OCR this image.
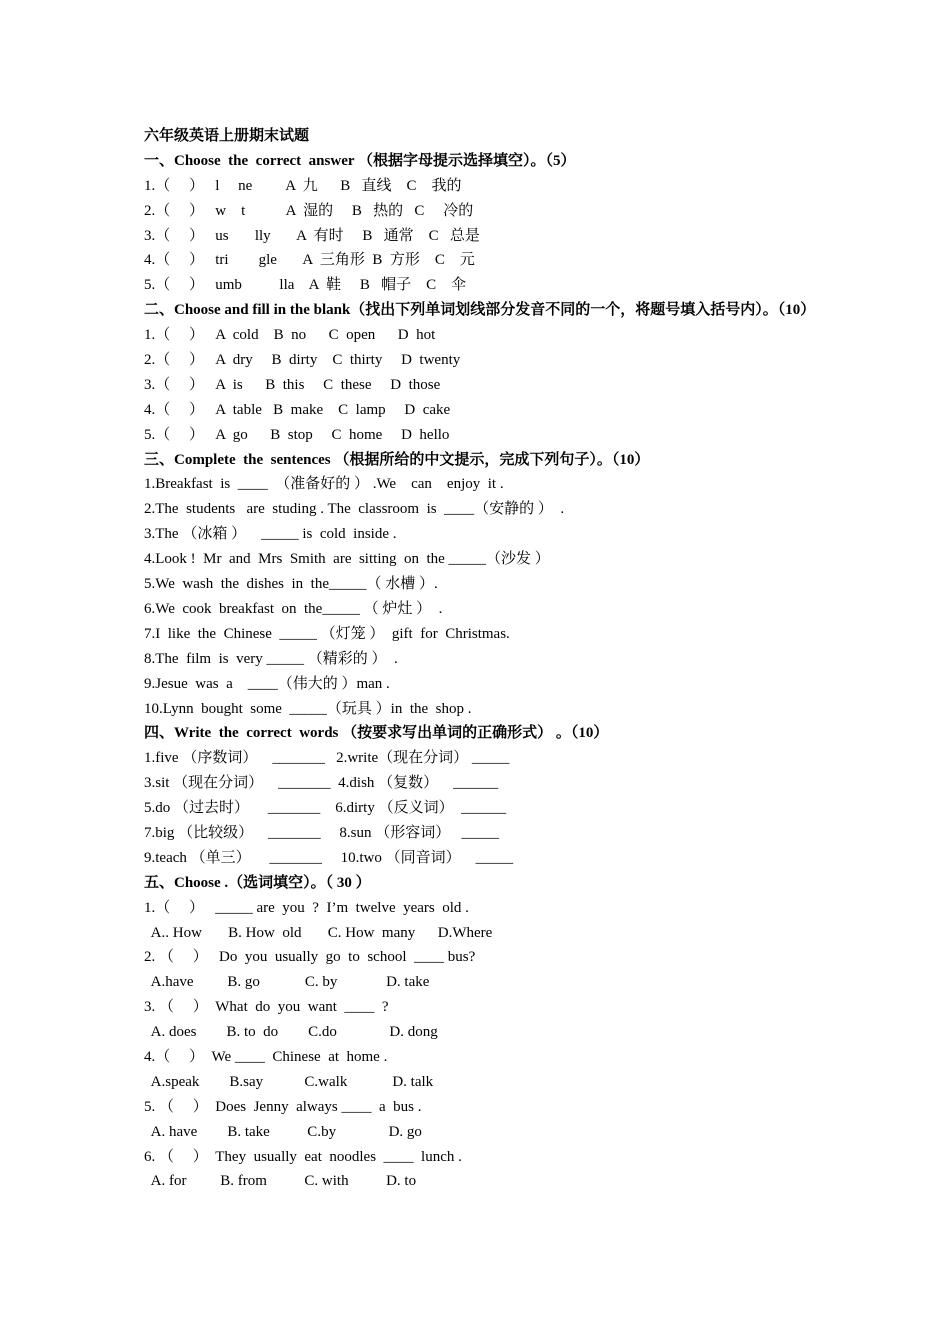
六年级英语上册期末试题
一、Choose  the  correct  answer （根据字母提示选择填空）。（5）
1.（     ）   l     ne         A  九      B   直线    C    我的
2.（     ）   w    t           A  湿的     B   热的   C     冷的
3.（     ）   us       lly       A  有时     B   通常    C   总是
4.（     ）   tri        gle       A  三角形  B  方形    C    元
5.（     ）   umb          lla    A  鞋     B   帽子    C    伞
二、Choose and fill in the blank（找出下列单词划线部分发音不同的一个，将题号填入括号内）。（10）
1.（     ）   A  cold    B  no      C  open      D  hot
2.（     ）   A  dry     B  dirty    C  thirty     D  twenty
3.（     ）   A  is      B  this     C  these     D  those
4.（     ）   A  table   B  make    C  lamp     D  cake
5.（     ）   A  go      B  stop     C  home     D  hello
三、Complete  the  sentences （根据所给的中文提示，完成下列句子）。（10）
1.Breakfast  is  ____  （准备好的 ） .We    can    enjoy  it .
2.The  students   are  studing . The  classroom  is  ____（安静的 ）  .
3.The （冰箱 ）    _____ is  cold  inside .
4.Look !  Mr  and  Mrs  Smith  are  sitting  on  the _____（沙发 ）
5.We  wash  the  dishes  in  the_____（ 水槽 ）.
6.We  cook  breakfast  on  the_____ （ 炉灶 ）  .
7.I  like  the  Chinese  _____ （灯笼 ）  gift  for  Christmas.
8.The  film  is  very _____ （精彩的 ）  .
9.Jesue  was  a    ____（伟大的 ）man .
10.Lynn  bought  some  _____（玩具 ）in  the  shop .
四、Write  the  correct  words （按要求写出单词的正确形式） 。（10）
1.five （序数词）    _______   2.write（现在分词） _____
3.sit （现在分词）    _______  4.dish （复数）    ______
5.do （过去时）     _______    6.dirty （反义词）  ______
7.big （比较级）    _______     8.sun （形容词）   _____
9.teach （单三）     _______     10.two （同音词）    _____
五、Choose .（选词填空）。（ 30 ）
1.（     ）   _____ are  you  ?  I’m  twelve  years  old .
A.. How       B. How  old       C. How  many      D.Where
2. （     ）   Do  you  usually  go  to  school  ____ bus?
A.have         B. go            C. by             D. take
3. （     ）  What  do  you  want  ____  ?
A. does        B. to  do        C.do              D. dong
4.（     ）  We ____  Chinese  at  home .
A.speak        B.say           C.walk            D. talk
5. （     ）  Does  Jenny  always ____  a  bus .
A. have        B. take          C.by              D. go
6. （     ）  They  usually  eat  noodles  ____  lunch .
A. for         B. from          C. with          D. to
